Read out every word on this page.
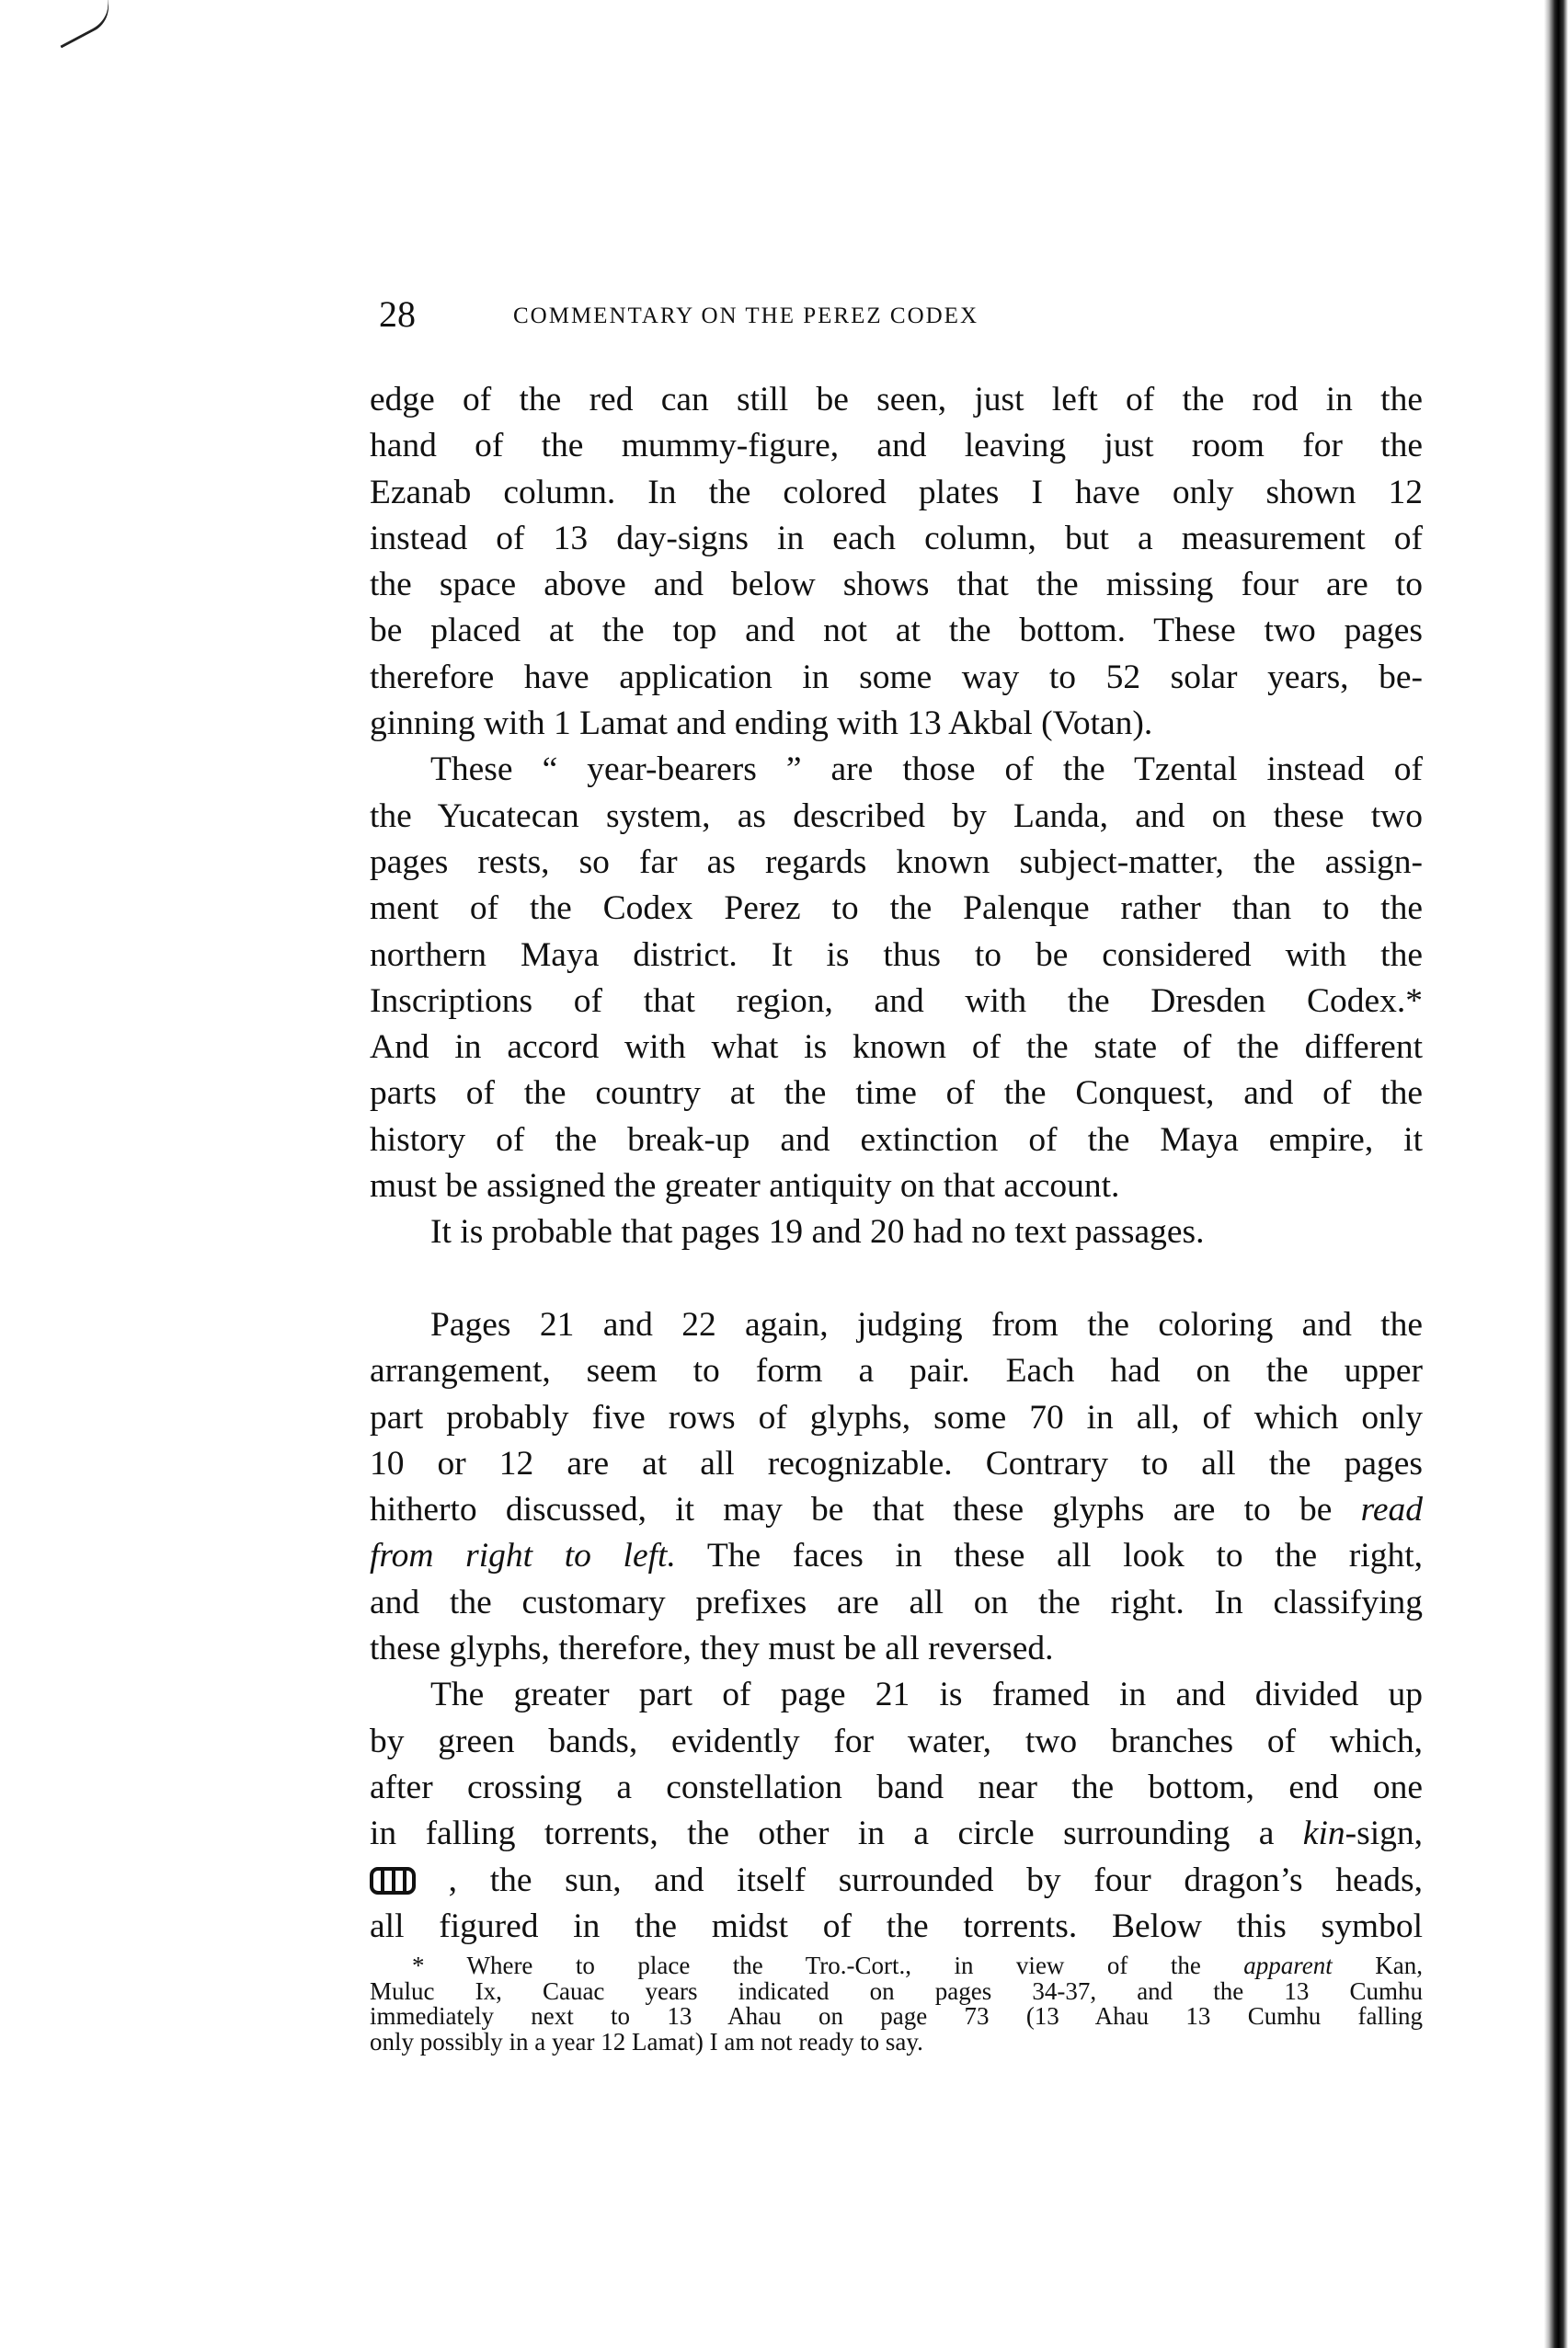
28	COMMENTARY ON THE PEREZ CODEX
edge of the red can still be seen, just left of the rod in the
hand of the mummy-figure, and leaving just room for the
Ezanab column. In the colored plates I have only shown 12
instead of 13 day-signs in each column, but a measurement of
the space above and below shows that the missing four are to
be placed at the top and not at the bottom. These two pages
therefore have application in some way to 52 solar years, be-
ginning with 1 Lamat and ending with 13 Akbal (Votan).
These “ year-bearers ” are those of the Tzental instead of
the Yucatecan system, as described by Landa, and on these two
pages rests, so far as regards known subject-matter, the assign-
ment of the Codex Perez to the Palenque rather than to the
northern Maya district. It is thus to be considered with the
Inscriptions of that region, and with the Dresden Codex.*
And in accord with what is known of the state of the different
parts of the country at the time of the Conquest, and of the
history of the break-up and extinction of the Maya empire, it
must be assigned the greater antiquity on that account.
It is probable that pages 19 and 20 had no text passages.
Pages 21 and 22 again, judging from the coloring and the
arrangement, seem to form a pair. Each had on the upper
part probably five rows of glyphs, some 70 in all, of which only
10 or 12 are at all recognizable. Contrary to all the pages
hitherto discussed, it may be that these glyphs are to be read
from right to left. The faces in these all look to the right,
and the customary prefixes are all on the right. In classifying
these glyphs, therefore, they must be all reversed.
The greater part of page 21 is framed in and divided up
by green bands, evidently for water, two branches of which,
after crossing a constellation band near the bottom, end one
in falling torrents, the other in a circle surrounding a kin-sign,
, the sun, and itself surrounded by four dragon’s heads,
all figured in the midst of the torrents. Below this symbol
* Where to place the Tro.-Cort., in view of the apparent Kan,
Muluc Ix, Cauac years indicated on pages 34-37, and the 13 Cumhu
immediately next to 13 Ahau on page 73 (13 Ahau 13 Cumhu falling
only possibly in a year 12 Lamat) I am not ready to say.
